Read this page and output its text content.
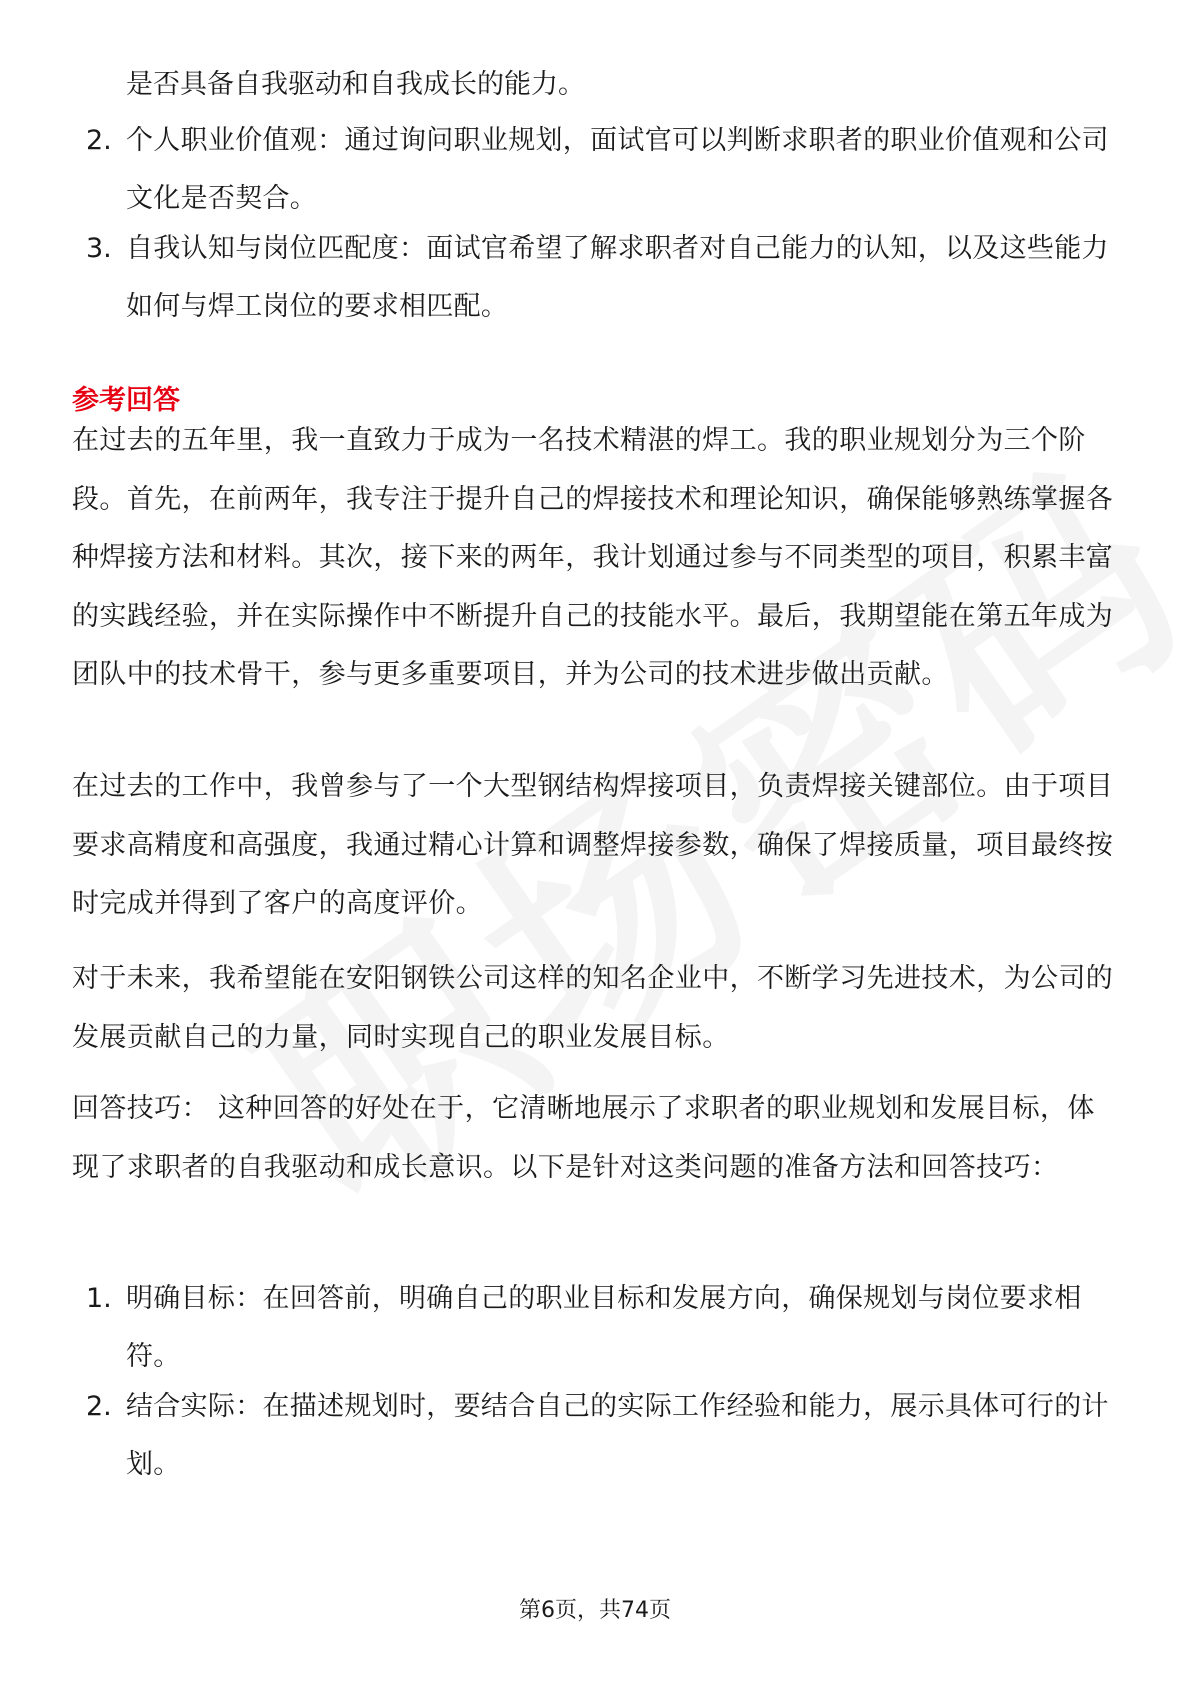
是否具备自我驱动和自我成长的能力。
2. 个人职业价值观：通过询问职业规划，面试官可以判断求职者的职业价值观和公司文化是否契合。
3. 自我认知与岗位匹配度：面试官希望了解求职者对自己能力的认知，以及这些能力如何与焊工岗位的要求相匹配。
参考回答
在过去的五年里，我一直致力于成为一名技术精湛的焊工。我的职业规划分为三个阶段。首先，在前两年，我专注于提升自己的焊接技术和理论知识，确保能够熟练掌握各种焊接方法和材料。其次，接下来的两年，我计划通过参与不同类型的项目，积累丰富的实践经验，并在实际操作中不断提升自己的技能水平。最后，我期望能在第五年成为团队中的技术骨干，参与更多重要项目，并为公司的技术进步做出贡献。
在过去的工作中，我曾参与了一个大型钢结构焊接项目，负责焊接关键部位。由于项目要求高精度和高强度，我通过精心计算和调整焊接参数，确保了焊接质量，项目最终按时完成并得到了客户的高度评价。
对于未来，我希望能在安阳钢铁公司这样的知名企业中，不断学习先进技术，为公司的发展贡献自己的力量，同时实现自己的职业发展目标。
回答技巧： 这种回答的好处在于，它清晰地展示了求职者的职业规划和发展目标，体现了求职者的自我驱动和成长意识。以下是针对这类问题的准备方法和回答技巧：
1. 明确目标：在回答前，明确自己的职业目标和发展方向，确保规划与岗位要求相符。
2. 结合实际：在描述规划时，要结合自己的实际工作经验和能力，展示具体可行的计划。
第6页，共74页
